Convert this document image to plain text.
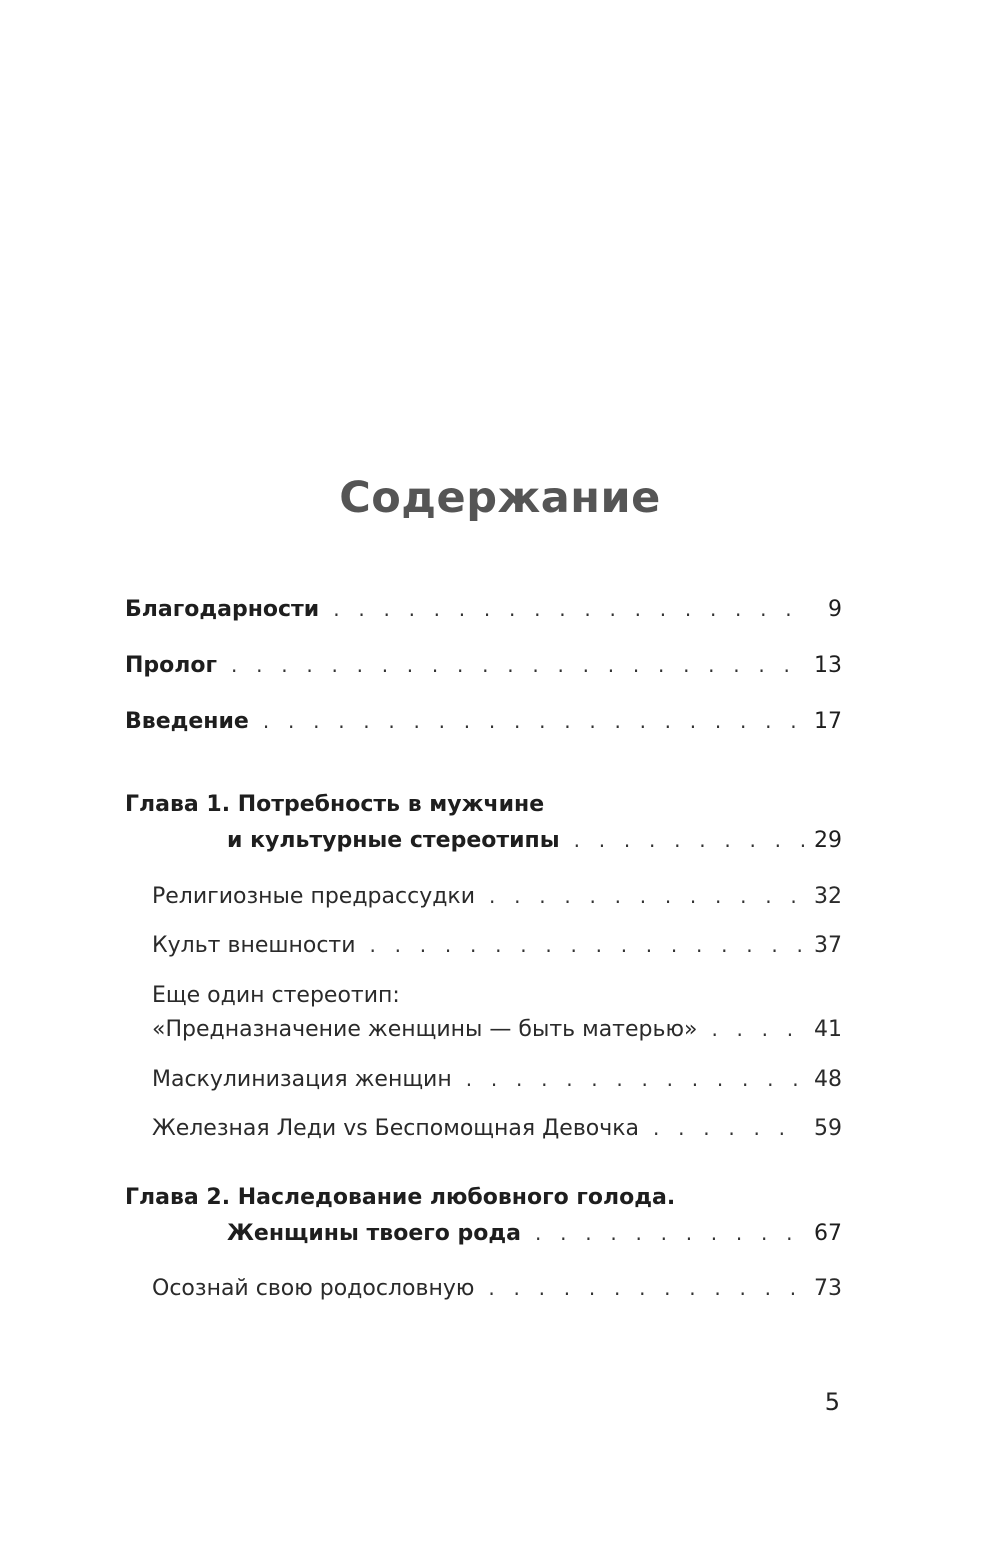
Содержание
Благодарности . . .	9
Пролог . . .	13
Введение . . .	17
Глава 1. Потребность в мужчине
и культурные стереотипы . . .	29
Религиозные предрассудки . . .	32
Культ внешности . . .	37
Еще один стереотип:
«Предназначение женщины — быть матерью» . . .	41
Маскулинизация женщин . . .	48
Железная Леди vs Беспомощная Девочка . . .	59
Глава 2. Наследование любовного голода.
Женщины твоего рода . . .	67
Осознай свою родословную . . .	73
5
